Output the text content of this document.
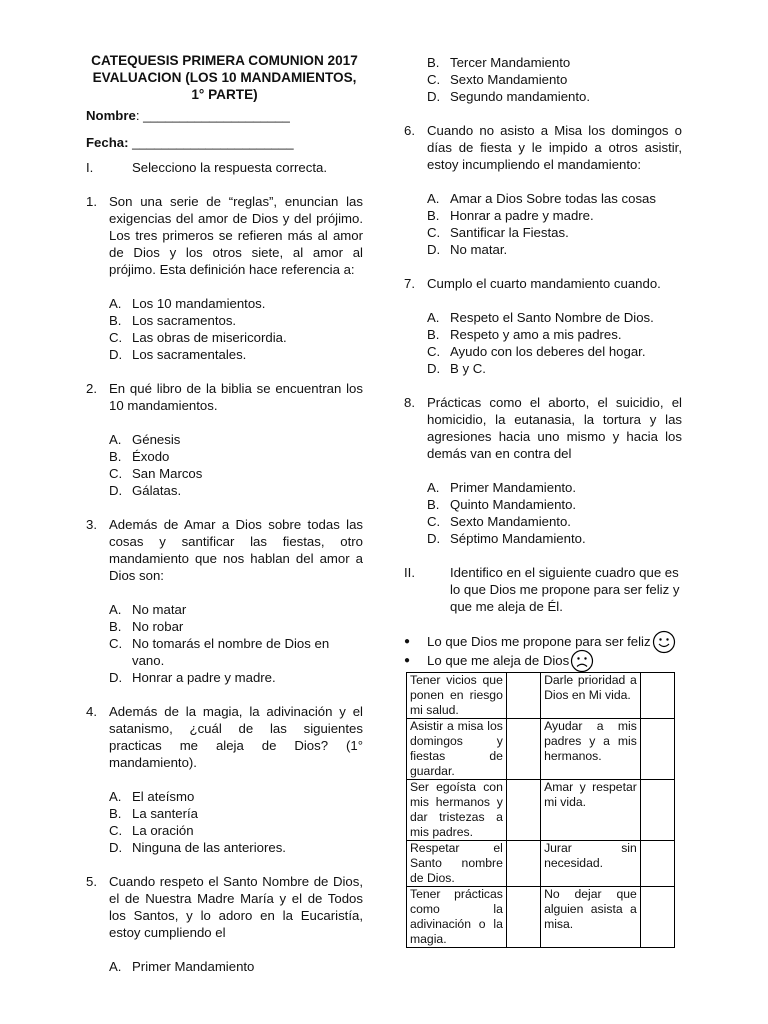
CATEQUESIS PRIMERA COMUNION 2017
EVALUACION (LOS 10 MANDAMIENTOS,
1° PARTE)

Nombre: ____________________
Fecha: ______________________
I.	Selecciono la respuesta correcta.
1. Son una serie de “reglas”, enuncian las exigencias del amor de Dios y del prójimo. Los tres primeros se refieren más al amor de Dios y los otros siete, al amor al prójimo. Esta definición hace referencia a:
A. Los 10 mandamientos.
B. Los sacramentos.
C. Las obras de misericordia.
D. Los sacramentales.
2. En qué libro de la biblia se encuentran los 10 mandamientos.
A. Génesis
B. Éxodo
C. San Marcos
D. Gálatas.
3. Además de Amar a Dios sobre todas las cosas y santificar las fiestas, otro mandamiento que nos hablan del amor a Dios son:
A. No matar
B. No robar
C. No tomarás el nombre de Dios en vano.
D. Honrar a padre y madre.
4. Además de la magia, la adivinación y el satanismo, ¿cuál de las siguientes practicas me aleja de Dios? (1° mandamiento).
A. El ateísmo
B. La santería
C. La oración
D. Ninguna de las anteriores.
5. Cuando respeto el Santo Nombre de Dios, el de Nuestra Madre María y el de Todos los Santos, y lo adoro en la Eucaristía, estoy cumpliendo el
A. Primer Mandamiento
B. Tercer Mandamiento
C. Sexto Mandamiento
D. Segundo mandamiento.
6. Cuando no asisto a Misa los domingos o días de fiesta y le impido a otros asistir, estoy incumpliendo el mandamiento:
A. Amar a Dios Sobre todas las cosas
B. Honrar a padre y madre.
C. Santificar la Fiestas.
D. No matar.
7. Cumplo el cuarto mandamiento cuando.
A. Respeto el Santo Nombre de Dios.
B. Respeto y amo a mis padres.
C. Ayudo con los deberes del hogar.
D. B y C.
8. Prácticas como el aborto, el suicidio, el homicidio, la eutanasia, la tortura y las agresiones hacia uno mismo y hacia los demás van en contra del
A. Primer Mandamiento.
B. Quinto Mandamiento.
C. Sexto Mandamiento.
D. Séptimo Mandamiento.
II.	Identifico en el siguiente cuadro que es lo que Dios me propone para ser feliz y que me aleja de Él.
●	Lo que Dios me propone para ser feliz
●	Lo que me aleja de Dios
Tener vicios que ponen en riesgo mi salud.		Darle prioridad a Dios en Mi vida.	
Asistir a misa los domingos y fiestas de guardar.		Ayudar a mis padres y a mis hermanos.	
Ser egoísta con mis hermanos y dar tristezas a mis padres.		Amar y respetar mi vida.	
Respetar el Santo nombre de Dios.		Jurar sin necesidad.	
Tener prácticas como la adivinación o la magia.		No dejar que alguien asista a misa.	
